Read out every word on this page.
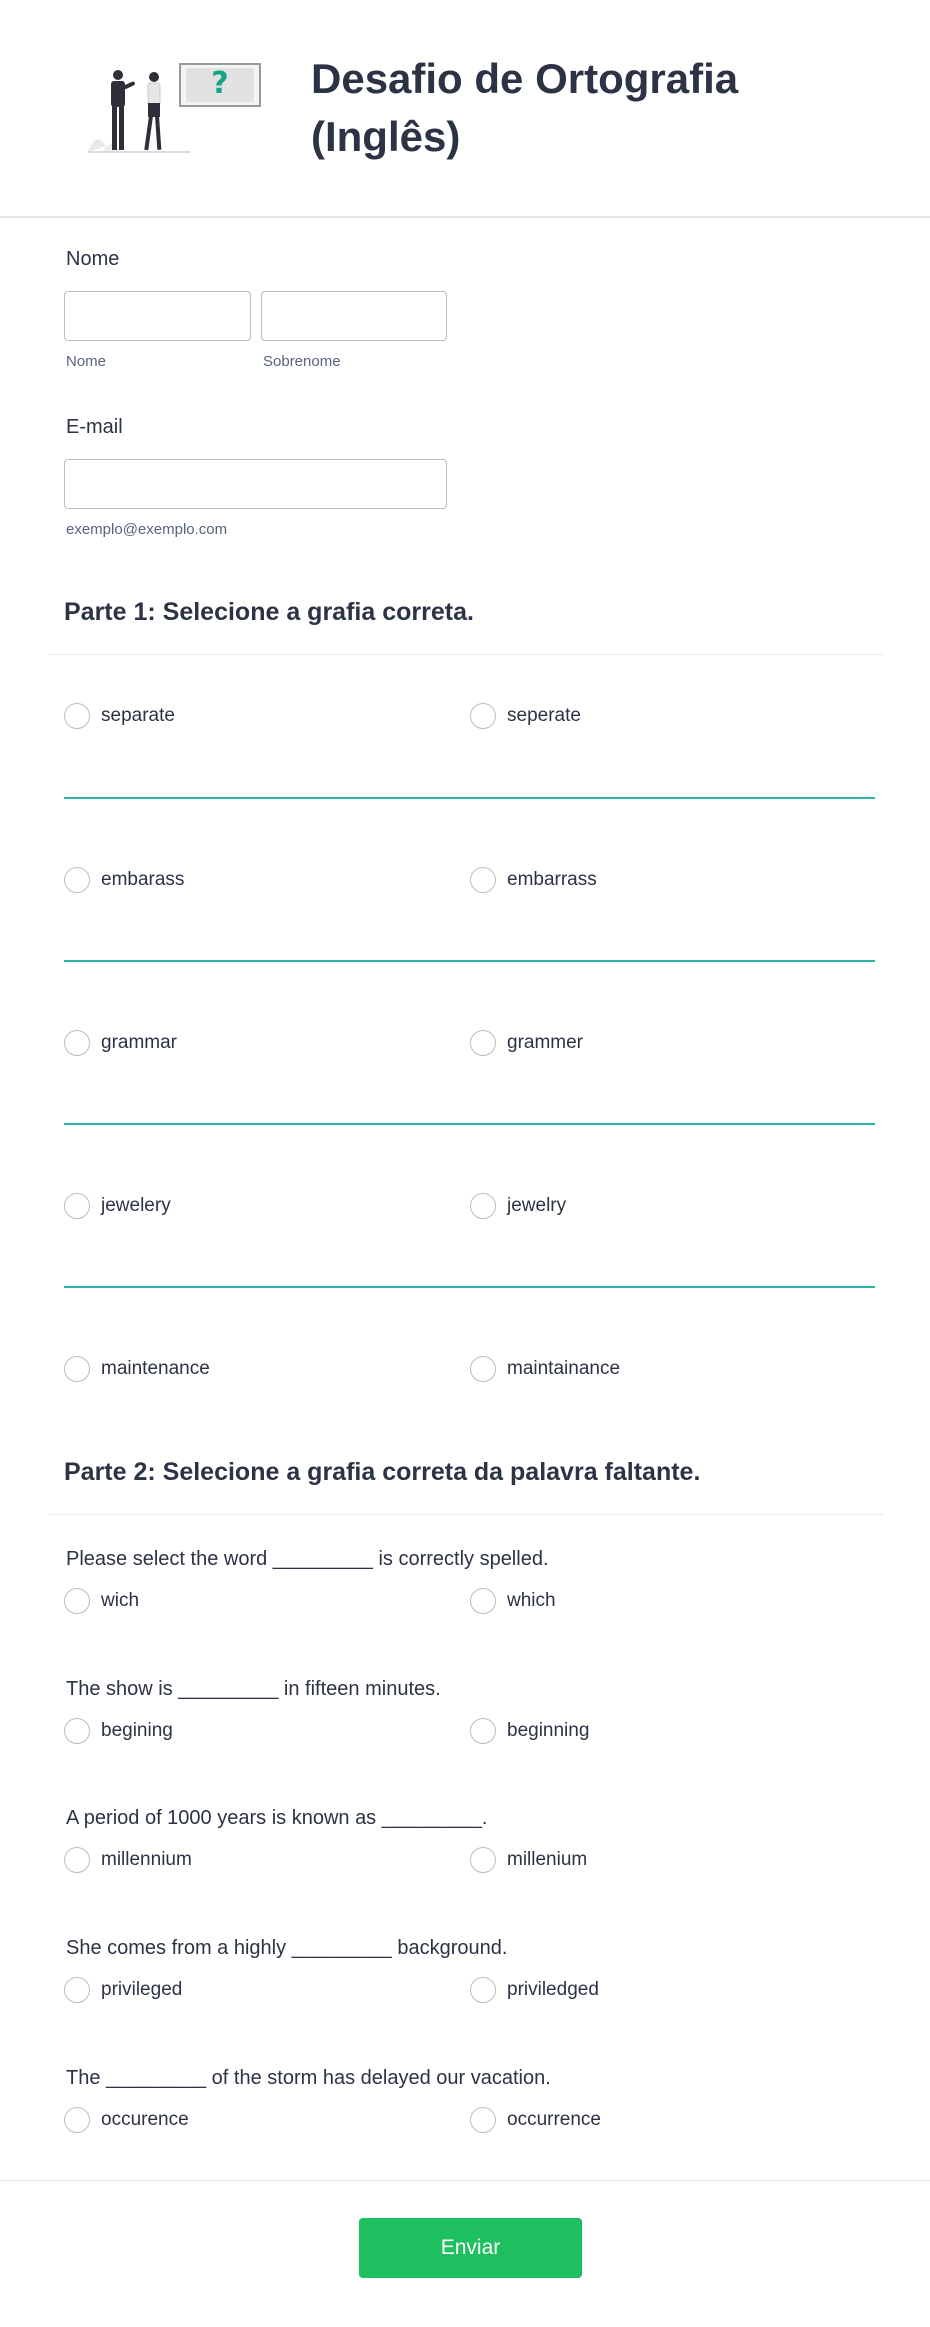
? Desafio de Ortografia (Inglês)
Nome
Nome	Sobrenome
E-mail
exemplo@exemplo.com
Parte 1: Selecione a grafia correta.
separate	seperate
embarass	embarrass
grammar	grammer
jewelery	jewelry
maintenance	maintainance
Parte 2: Selecione a grafia correta da palavra faltante.
Please select the word _________ is correctly spelled.
wich	which
The show is _________ in fifteen minutes.
begining	beginning
A period of 1000 years is known as _________.
millennium	millenium
She comes from a highly _________ background.
privileged	priviledged
The _________ of the storm has delayed our vacation.
occurence	occurrence
Enviar
